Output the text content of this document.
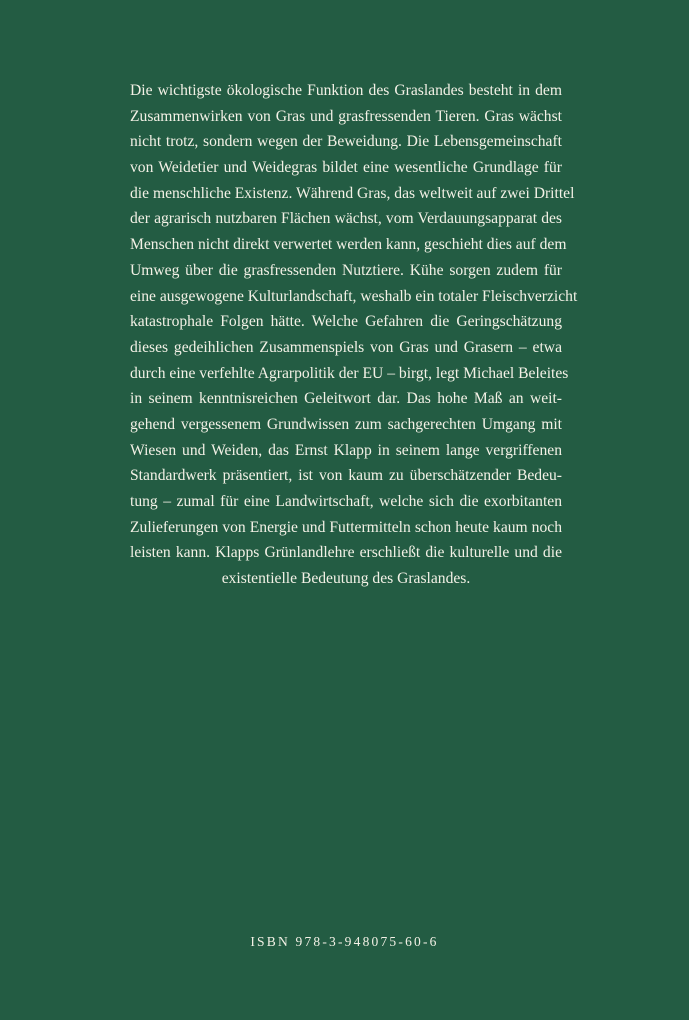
Die wichtigste ökologische Funktion des Graslandes besteht in dem
Zusammenwirken von Gras und grasfressenden Tieren. Gras wächst
nicht trotz, sondern wegen der Beweidung. Die Lebensgemeinschaft
von Weidetier und Weidegras bildet eine wesentliche Grundlage für
die menschliche Existenz. Während Gras, das weltweit auf zwei Drittel
der agrarisch nutzbaren Flächen wächst, vom Verdauungsapparat des
Menschen nicht direkt verwertet werden kann, geschieht dies auf dem
Umweg über die grasfressenden Nutztiere. Kühe sorgen zudem für
eine ausgewogene Kulturlandschaft, weshalb ein totaler Fleischverzicht
katastrophale Folgen hätte. Welche Gefahren die Geringschätzung
dieses gedeihlichen Zusammenspiels von Gras und Grasern – etwa
durch eine verfehlte Agrarpolitik der EU – birgt, legt Michael Beleites
in seinem kenntnisreichen Geleitwort dar. Das hohe Maß an weit-
gehend vergessenem Grundwissen zum sachgerechten Umgang mit
Wiesen und Weiden, das Ernst Klapp in seinem lange vergriffenen
Standardwerk präsentiert, ist von kaum zu überschätzender Bedeu-
tung – zumal für eine Landwirtschaft, welche sich die exorbitanten
Zulieferungen von Energie und Futtermitteln schon heute kaum noch
leisten kann. Klapps Grünlandlehre erschließt die kulturelle und die
existentielle Bedeutung des Graslandes.
ISBN 978-3-948075-60-6
